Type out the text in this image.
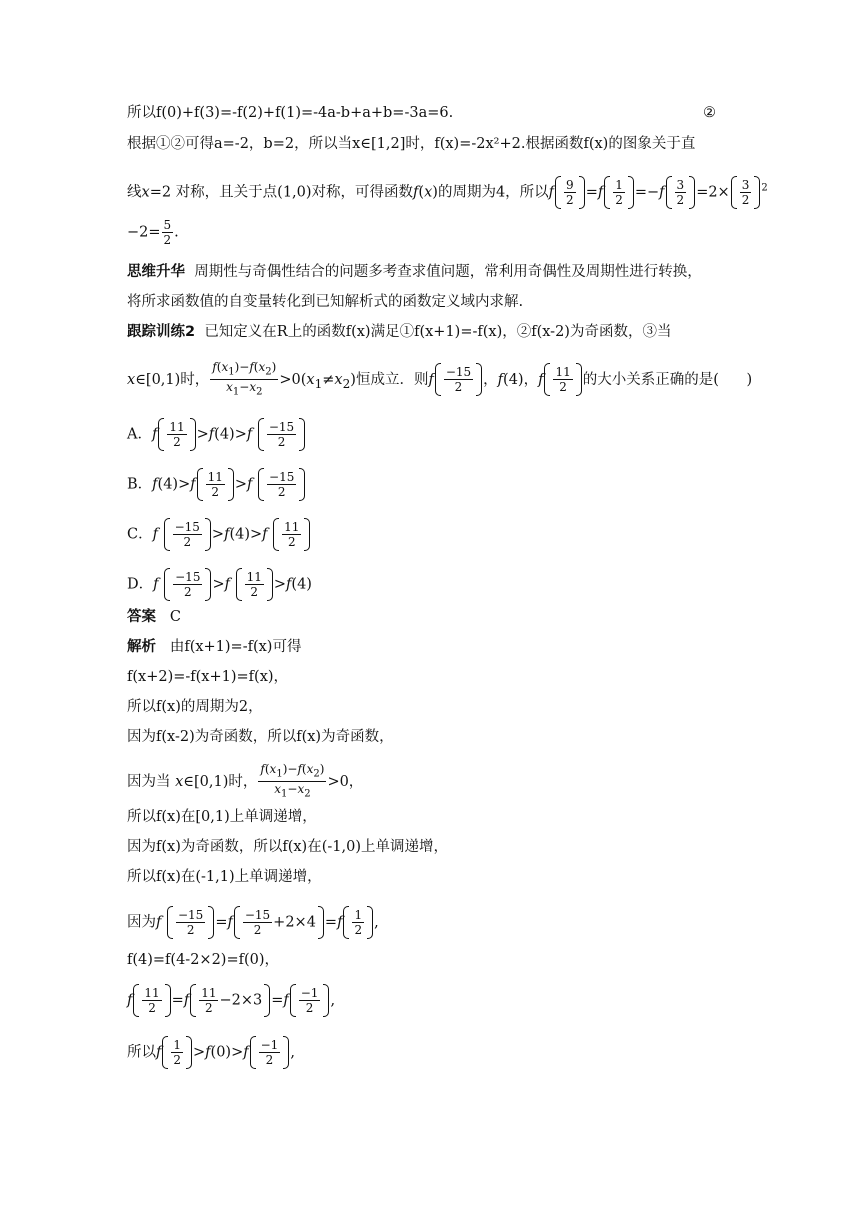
所以f(0)+f(3)=-f(2)+f(1)=-4a-b+a+b=-3a=6.	②
根据①②可得a=-2，b=2，所以当x∈[1,2]时，f(x)=-2x²+2.根据函数f(x)的图象关于直
线x=2 对称，且关于点(1,0)对称，可得函数f(x)的周期为4，所以f $\frac{9}{2} =f \frac{1}{2} =-f \frac{3}{2} =2\times \frac{3}{2} ^2$
$-2= \frac{5}{2}$ .
思维升华 周期性与奇偶性结合的问题多考查求值问题，常利用奇偶性及周期性进行转换，
将所求函数值的自变量转化到已知解析式的函数定义域内求解.
跟踪训练2 已知定义在R上的函数f(x)满足①f(x+1)=-f(x)，②f(x-2)为奇函数，③当
x∈[0,1)时， $\frac{f(x_1)-f(x_2)}{x_1-x_2} >0(x_1\ne x_2)$恒成立．则f $\frac{-15}{2}$ ，f(4)，f $\frac{11}{2}$ 的大小关系正确的是(      )
A．f $\frac{11}{2} >f(4)>f \frac{-15}{2}$
B．$f(4)>f \frac{11}{2} >f \frac{-15}{2}$
C．f $\frac{-15}{2} >f(4)>f \frac{11}{2}$
D．f $\frac{-15}{2} >f \frac{11}{2} >f(4)$
答案 C
解析 由f(x+1)=-f(x)可得
f(x+2)=-f(x+1)=f(x)，
所以f(x)的周期为2，
因为f(x-2)为奇函数，所以f(x)为奇函数，
因为当 x∈[0,1)时， $\frac{f(x_1)-f(x_2)}{x_1-x_2} >0$，
所以f(x)在[0,1)上单调递增，
因为f(x)为奇函数，所以f(x)在(-1,0)上单调递增，
所以f(x)在(-1,1)上单调递增，
因为f $\frac{-15}{2} =f \frac{-15}{2} +2\times 4 =f \frac{1}{2}$ ,
f(4)=f(4-2×2)=f(0)，
f $\frac{11}{2} =f \frac{11}{2} -2\times 3 =f \frac{-1}{2}$ ,
所以f $\frac{1}{2} >f(0)>f \frac{-1}{2}$ ,
